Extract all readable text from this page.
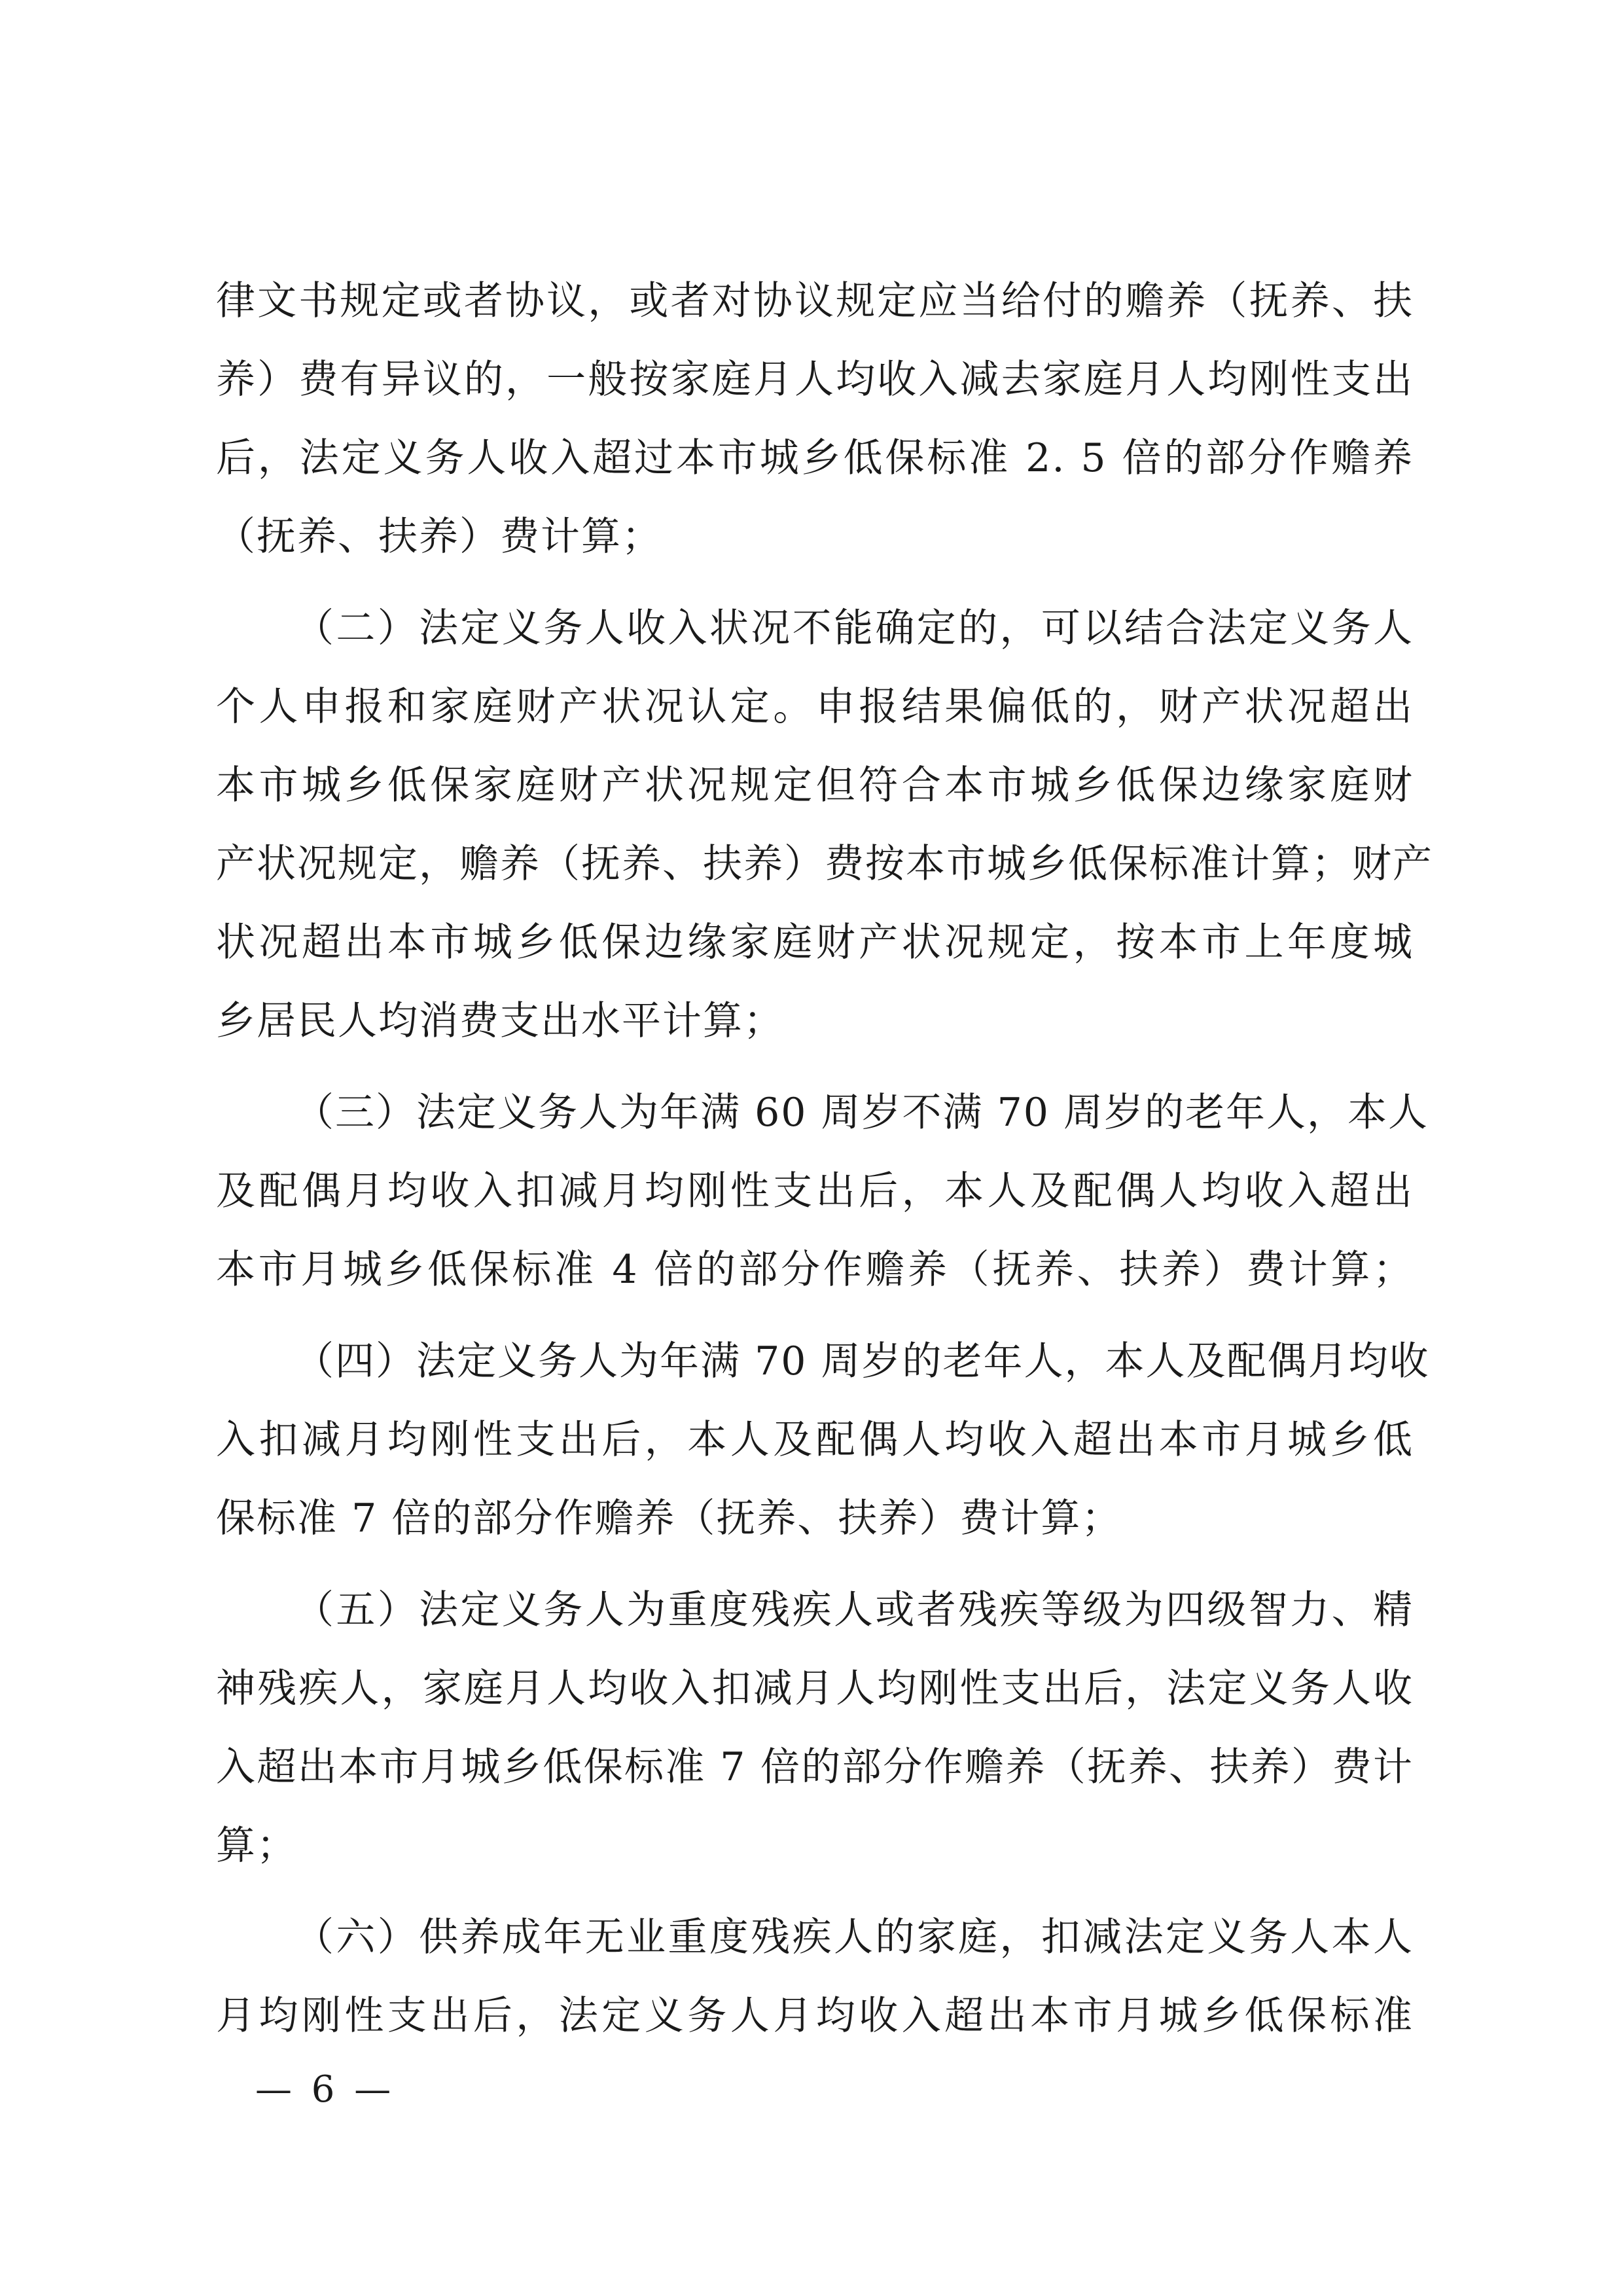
律文书规定或者协议，或者对协议规定应当给付的赡养（抚养、扶
养）费有异议的，一般按家庭月人均收入减去家庭月人均刚性支出
后，法定义务人收入超过本市城乡低保标准 2. 5 倍的部分作赡养
（抚养、扶养）费计算；
（二）法定义务人收入状况不能确定的，可以结合法定义务人
个人申报和家庭财产状况认定。申报结果偏低的，财产状况超出
本市城乡低保家庭财产状况规定但符合本市城乡低保边缘家庭财
产状况规定，赡养（抚养、扶养）费按本市城乡低保标准计算；财产
状况超出本市城乡低保边缘家庭财产状况规定，按本市上年度城
乡居民人均消费支出水平计算；
（三）法定义务人为年满 60 周岁不满 70 周岁的老年人，本人
及配偶月均收入扣减月均刚性支出后，本人及配偶人均收入超出
本市月城乡低保标准 4 倍的部分作赡养（抚养、扶养）费计算；
（四）法定义务人为年满 70 周岁的老年人，本人及配偶月均收
入扣减月均刚性支出后，本人及配偶人均收入超出本市月城乡低
保标准 7 倍的部分作赡养（抚养、扶养）费计算；
（五）法定义务人为重度残疾人或者残疾等级为四级智力、精
神残疾人，家庭月人均收入扣减月人均刚性支出后，法定义务人收
入超出本市月城乡低保标准 7 倍的部分作赡养（抚养、扶养）费计
算；
（六）供养成年无业重度残疾人的家庭，扣减法定义务人本人
月均刚性支出后，法定义务人月均收入超出本市月城乡低保标准
— 6 —
